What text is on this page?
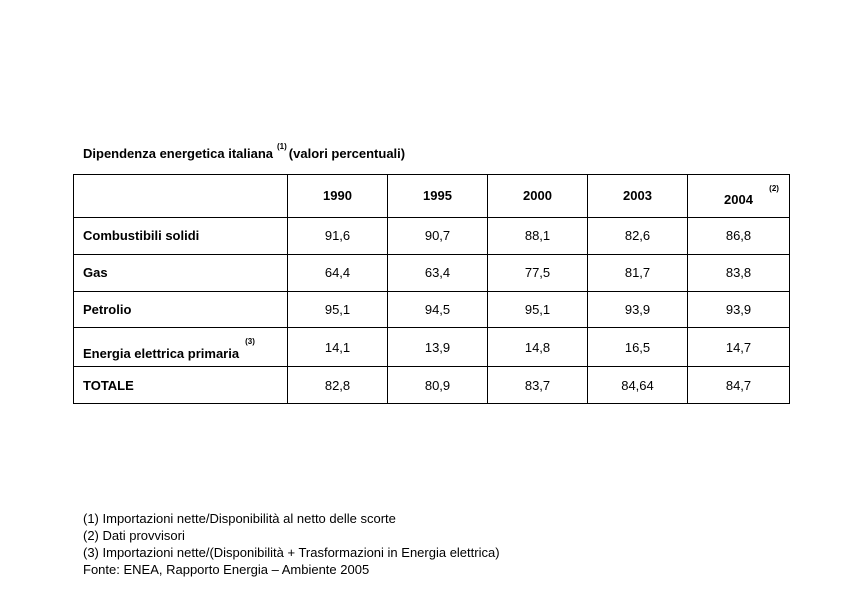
Dipendenza energetica italiana $^{(1)}$ (valori percentuali)
	1990	1995	2000	2003	2004
(2)

Combustibili solidi	91,6	90,7	88,1	82,6	86,8
Gas	64,4	63,4	77,5	81,7	83,8
Petrolio	95,1	94,5	95,1	93,9	93,9
Energia elettrica primaria$^{(3)}$	14,1	13,9	14,8	16,5	14,7
TOTALE	82,8	80,9	83,7	84,64	84,7
(1) Importazioni nette/Disponibilità al netto delle scorte
(2) Dati provvisori
(3) Importazioni nette/(Disponibilità + Trasformazioni in Energia elettrica)
Fonte: ENEA, Rapporto Energia – Ambiente 2005
